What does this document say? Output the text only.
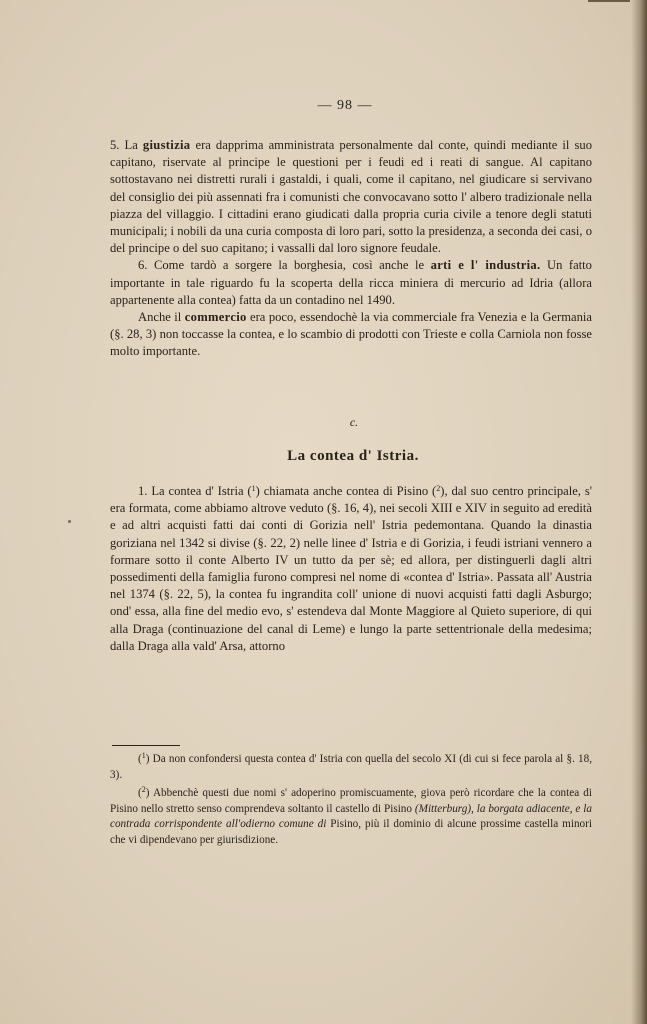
— 98 —

5. La giustizia era dapprima amministrata personalmente dal conte, quindi mediante il suo capitano, riservate al principe le questioni per i feudi ed i reati di sangue. Al capitano sottostavano nei distretti rurali i gastaldi, i quali, come il capitano, nel giudicare si servivano del consiglio dei più assennati fra i comunisti che convocavano sotto l' albero tradizionale nella piazza del villaggio. I cittadini erano giudicati dalla propria curia civile a tenore degli statuti municipali; i nobili da una curia composta di loro pari, sotto la presidenza, a seconda dei casi, o del principe o del suo capitano; i vassalli dal loro signore feudale.

6. Come tardò a sorgere la borghesia, così anche le arti e l' industria. Un fatto importante in tale riguardo fu la scoperta della ricca miniera di mercurio ad Idria (allora appartenente alla contea) fatta da un contadino nel 1490.

Anche il commercio era poco, essendochè la via commerciale fra Venezia e la Germania (§. 28, 3) non toccasse la contea, e lo scambio di prodotti con Trieste e colla Carniola non fosse molto importante.

c.
La contea d' Istria.

1. La contea d' Istria ($^1$) chiamata anche contea di Pisino ($^2$), dal suo centro principale, s' era formata, come abbiamo altrove veduto (§. 16, 4), nei secoli XIII e XIV in seguito ad eredità e ad altri acquisti fatti dai conti di Gorizia nell' Istria pedemontana. Quando la dinastia goriziana nel 1342 si divise (§. 22, 2) nelle linee d' Istria e di Gorizia, i feudi istriani vennero a formare sotto il conte Alberto IV un tutto da per sè; ed allora, per distinguerli dagli altri possedimenti della famiglia furono compresi nel nome di «contea d' Istria». Passata all' Austria nel 1374 (§. 22, 5), la contea fu ingrandita coll' unione di nuovi acquisti fatti dagli Asburgo; ond' essa, alla fine del medio evo, s' estendeva dal Monte Maggiore al Quieto superiore, di qui alla Draga (continuazione del canal di Leme) e lungo la parte settentrionale della medesima; dalla Draga alla vald' Arsa, attorno

($^1$) Da non confondersi questa contea d' Istria con quella del secolo XI (di cui si fece parola al §. 18, 3).

($^2$) Abbenchè questi due nomi s' adoperino promiscuamente, giova però ricordare che la contea di Pisino nello stretto senso comprendeva soltanto il castello di Pisino (Mitterburg), la borgata adiacente, e la contrada corrispondente all'odierno comune di Pisino, più il dominio di alcune prossime castella minori che vi dipendevano per giurisdizione.
